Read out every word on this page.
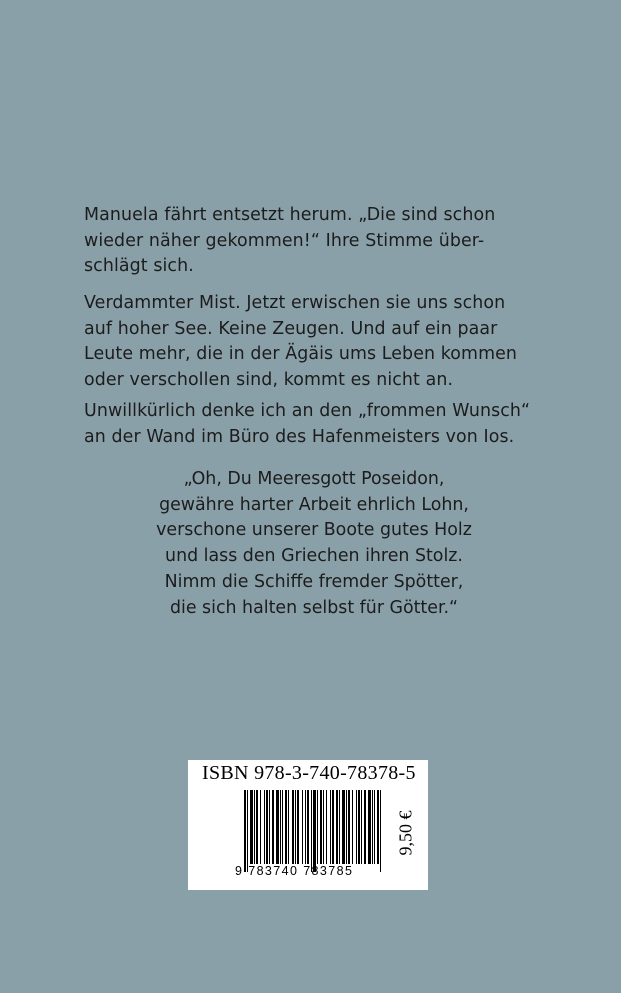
Manuela fährt entsetzt herum. „Die sind schon
wieder näher gekommen!“ Ihre Stimme über-
schlägt sich.
Verdammter Mist. Jetzt erwischen sie uns schon
auf hoher See. Keine Zeugen. Und auf ein paar
Leute mehr, die in der Ägäis ums Leben kommen
oder verschollen sind, kommt es nicht an.
Unwillkürlich denke ich an den „frommen Wunsch“
an der Wand im Büro des Hafenmeisters von Ios.
„Oh, Du Meeresgott Poseidon,
gewähre harter Arbeit ehrlich Lohn,
verschone unserer Boote gutes Holz
und lass den Griechen ihren Stolz.
Nimm die Schiffe fremder Spötter,
die sich halten selbst für Götter.“
ISBN 978-3-740-78378-5
9 783740 783785
9,50 €
